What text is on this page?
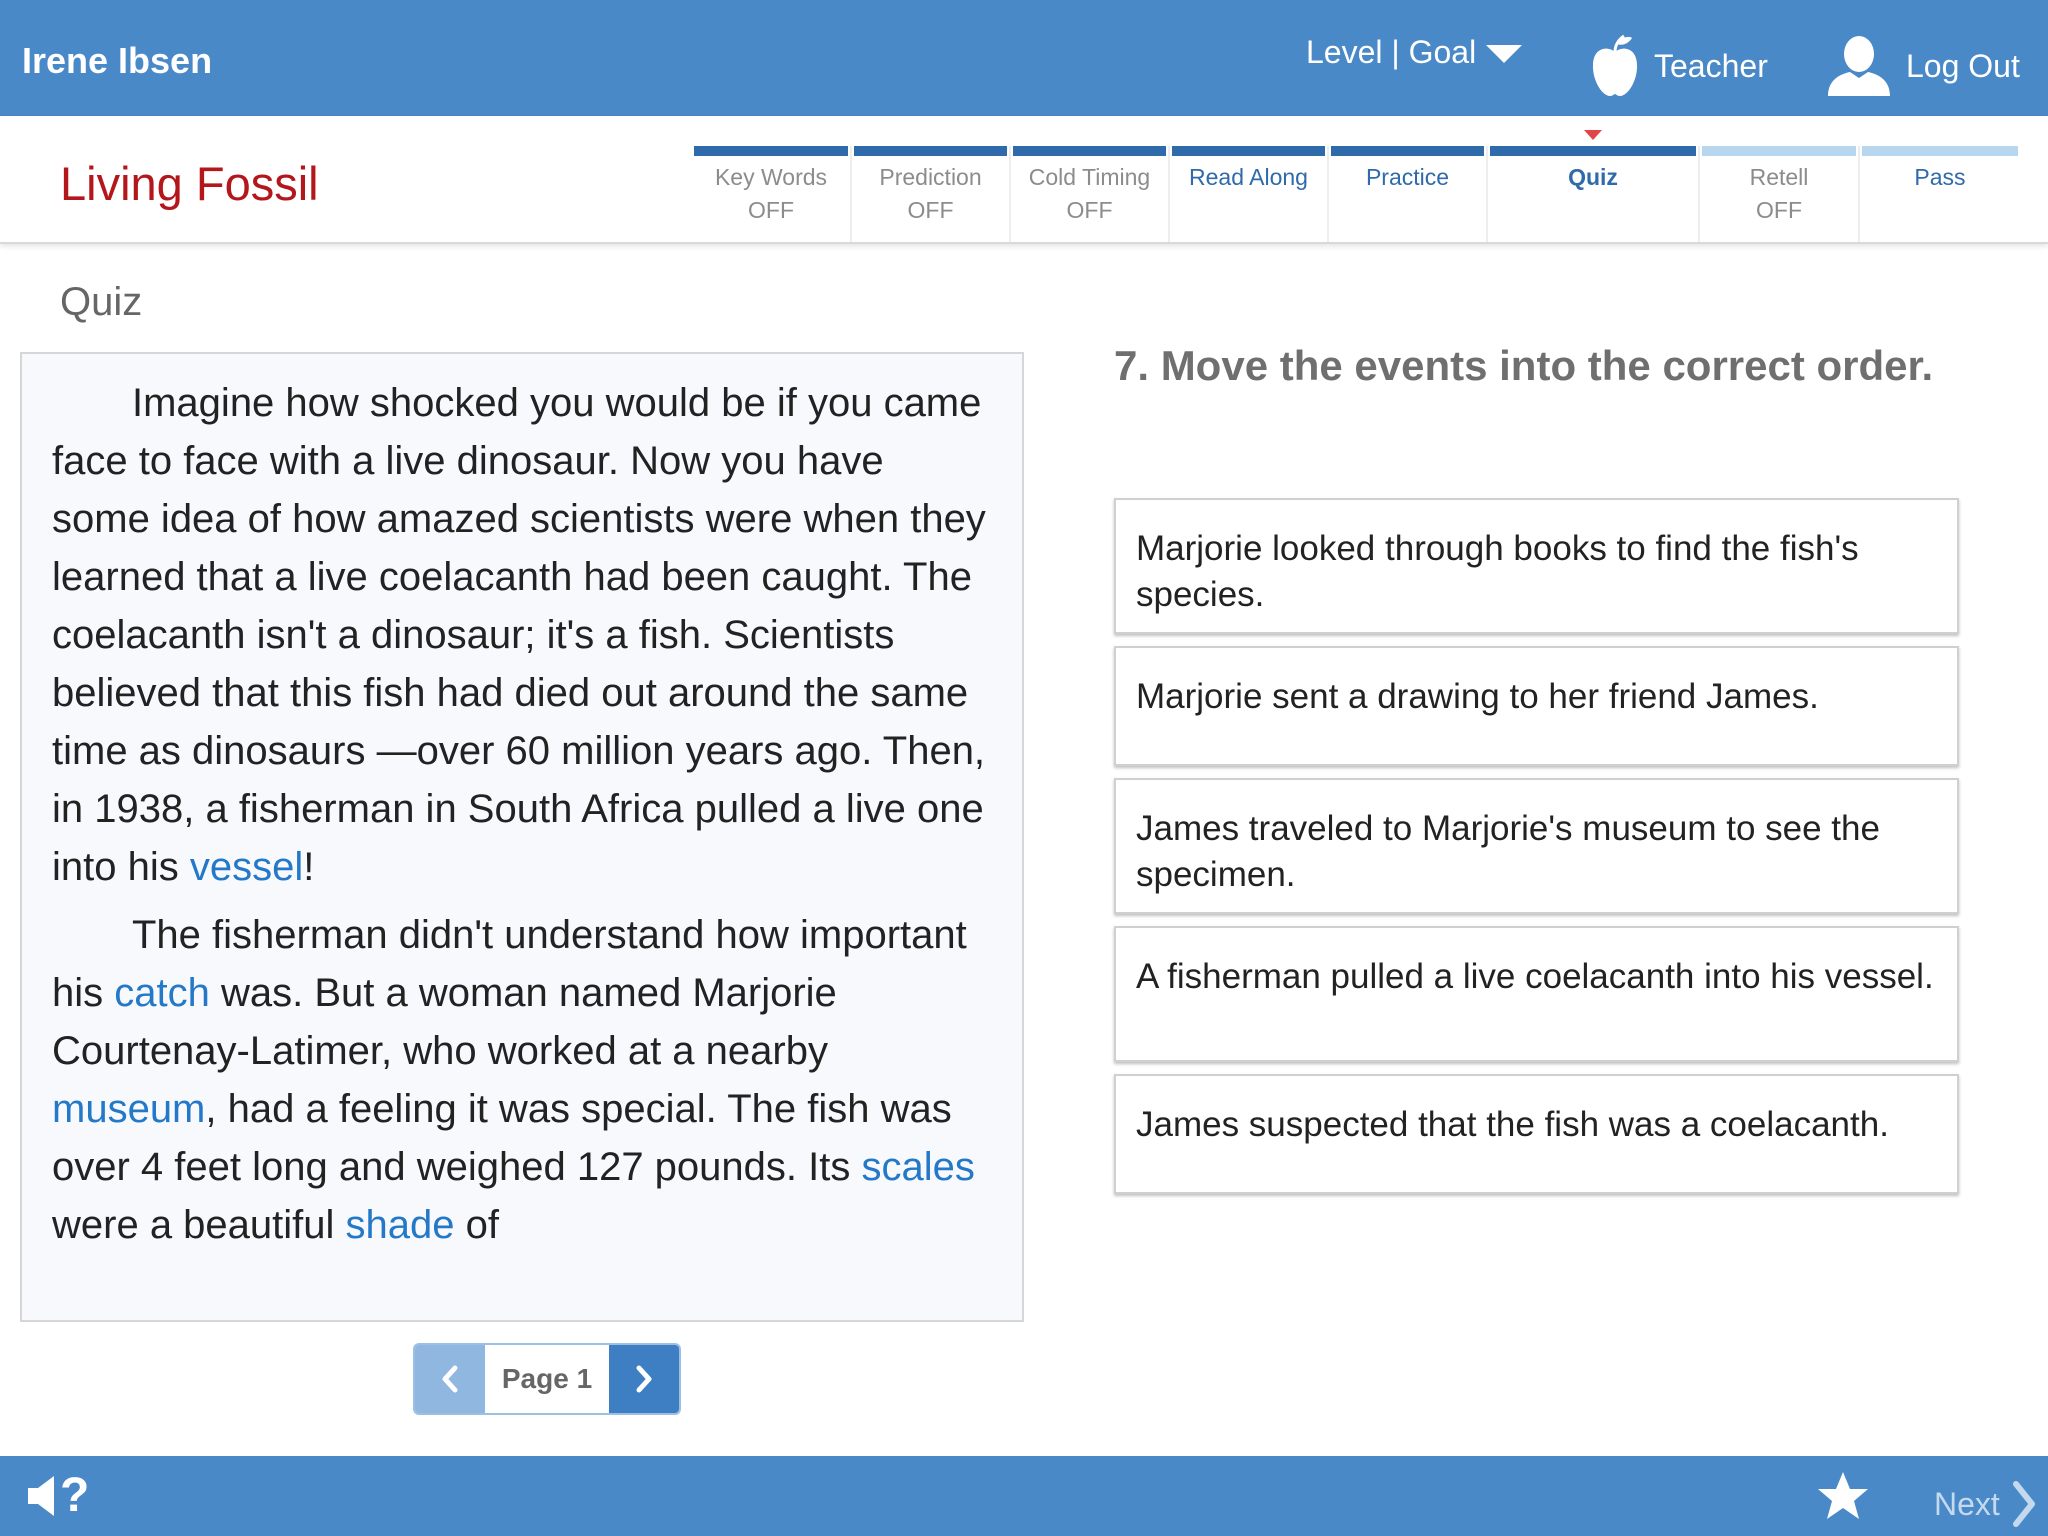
Irene Ibsen	Level | Goal	Teacher	Log Out
Living Fossil	Key Words
OFF
Prediction
OFF
Cold Timing
OFF
Read Along	Practice	Quiz	Retell
OFF
Pass
Quiz

Imagine how shocked you would be if you came face to face with a live dinosaur. Now you have some idea of how amazed scientists were when they learned that a live coelacanth had been caught. The coelacanth isn't a dinosaur; it's a fish. Scientists believed that this fish had died out around the same time as dinosaurs —over 60 million years ago. Then, in 1938, a fisherman in South Africa pulled a live one into his vessel!

The fisherman didn't understand how important his catch was. But a woman named Marjorie Courtenay-Latimer, who worked at a nearby museum, had a feeling it was special. The fish was over 4 feet long and weighed 127 pounds. Its scales were a beautiful shade of

Page 1
7. Move the events into the correct order.
Marjorie looked through books to find the fish's species.
Marjorie sent a drawing to her friend James.
James traveled to Marjorie's museum to see the specimen.
A fisherman pulled a live coelacanth into his vessel.
James suspected that the fish was a coelacanth.
?	Next
